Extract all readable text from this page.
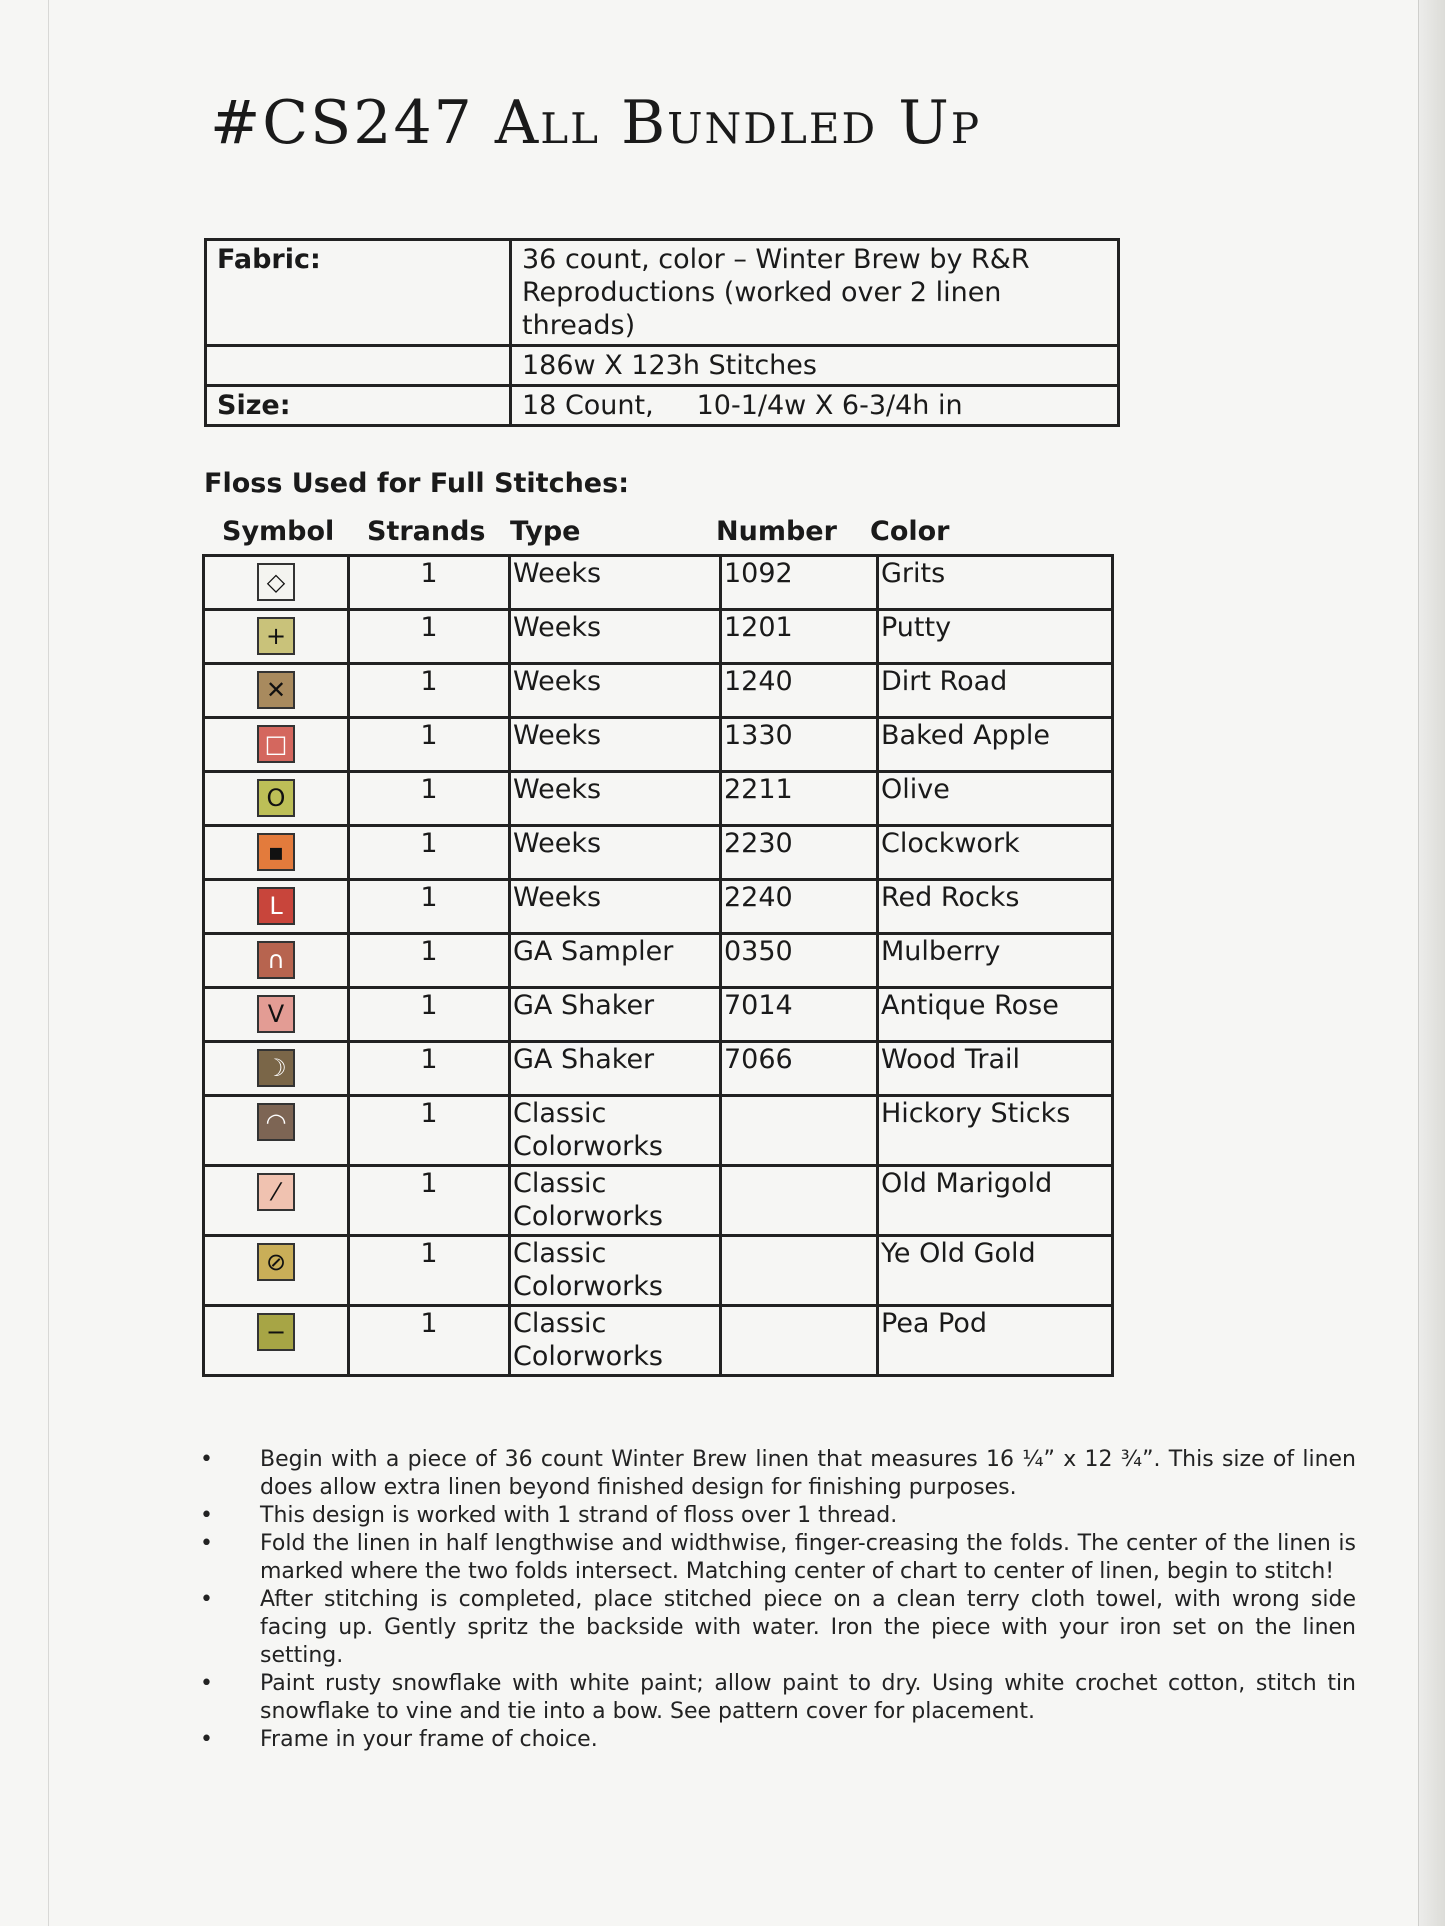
#CS247 All Bundled Up
Fabric:	36 count, color – Winter Brew by R&R Reproductions (worked over 2 linen threads)
	186w X 123h Stitches
Size:	18 Count,     10-1/4w X 6-3/4h in
Floss Used for Full Stitches:
Symbol Strands Type	Number Color
◇	1	Weeks	1092	Grits
+	1	Weeks	1201	Putty
✕	1	Weeks	1240	Dirt Road
□	1	Weeks	1330	Baked Apple
O	1	Weeks	2211	Olive
▪	1	Weeks	2230	Clockwork
L	1	Weeks	2240	Red Rocks
∩	1	GA Sampler	0350	Mulberry
V	1	GA Shaker	7014	Antique Rose
☽	1	GA Shaker	7066	Wood Trail
◠	1	Classic Colorworks		Hickory Sticks
⁄	1	Classic Colorworks		Old Marigold
⊘	1	Classic Colorworks		Ye Old Gold
−	1	Classic Colorworks		Pea Pod
• Begin with a piece of 36 count Winter Brew linen that measures 16 ¼” x 12 ¾”. This size of linen does allow extra linen beyond finished design for finishing purposes.
• This design is worked with 1 strand of floss over 1 thread.
• Fold the linen in half lengthwise and widthwise, finger-creasing the folds. The center of the linen is marked where the two folds intersect. Matching center of chart to center of linen, begin to stitch!
• After stitching is completed, place stitched piece on a clean terry cloth towel, with wrong side facing up. Gently spritz the backside with water. Iron the piece with your iron set on the linen setting.
• Paint rusty snowflake with white paint; allow paint to dry. Using white crochet cotton, stitch tin snowflake to vine and tie into a bow. See pattern cover for placement.
• Frame in your frame of choice.
